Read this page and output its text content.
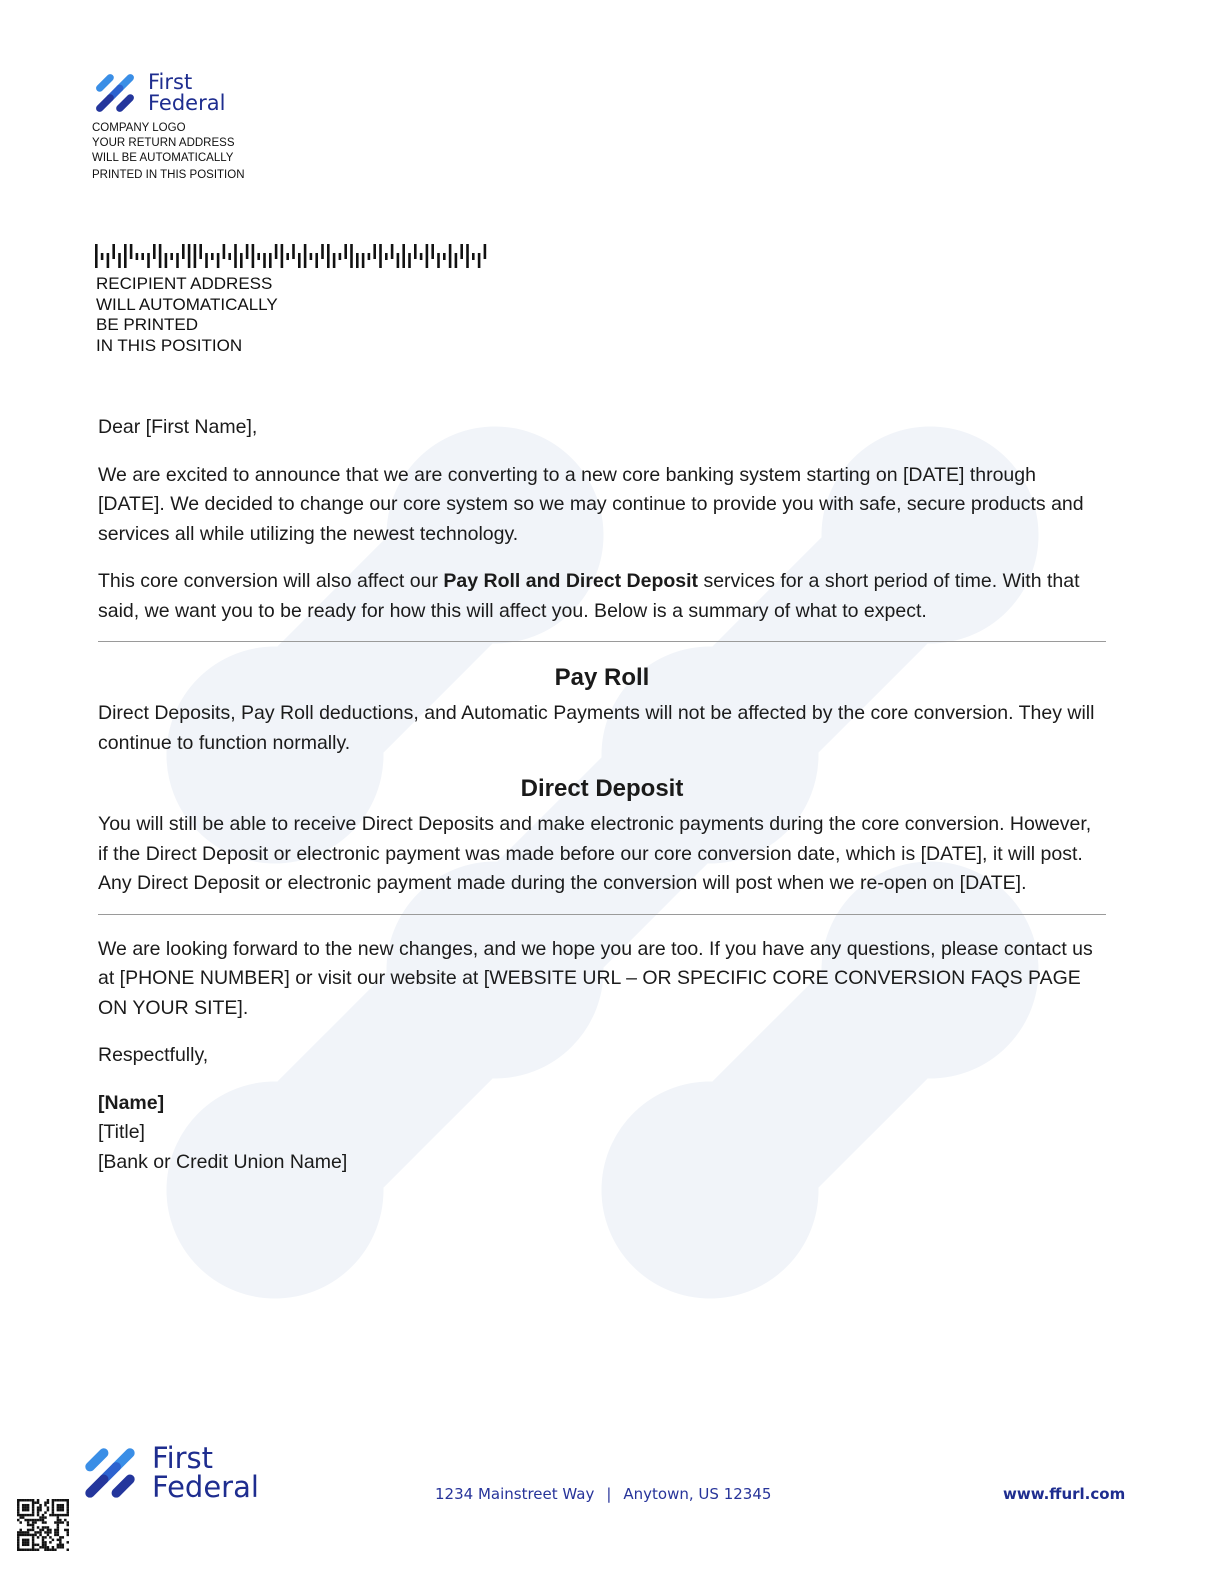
First
Federal
COMPANY LOGO
YOUR RETURN ADDRESS
WILL BE AUTOMATICALLY
PRINTED IN THIS POSITION
RECIPIENT ADDRESS
WILL AUTOMATICALLY
BE PRINTED
IN THIS POSITION

Dear [First Name],

We are excited to announce that we are converting to a new core banking system starting on [DATE] through [DATE]. We decided to change our core system so we may continue to provide you with safe, secure products and services all while utilizing the newest technology.

This core conversion will also affect our Pay Roll and Direct Deposit services for a short period of time. With that said, we want you to be ready for how this will affect you. Below is a summary of what to expect.

Pay Roll

Direct Deposits, Pay Roll deductions, and Automatic Payments will not be affected by the core conversion. They will continue to function normally.

Direct Deposit

You will still be able to receive Direct Deposits and make electronic payments during the core conversion. However, if the Direct Deposit or electronic payment was made before our core conversion date, which is [DATE], it will post. Any Direct Deposit or electronic payment made during the conversion will post when we re-open on [DATE].

We are looking forward to the new changes, and we hope you are too. If you have any questions, please contact us at [PHONE NUMBER] or visit our website at [WEBSITE URL – OR SPECIFIC CORE CONVERSION FAQS PAGE ON YOUR SITE].

Respectfully,

[Name]
[Title]
[Bank or Credit Union Name]
First
Federal	1234 Mainstreet Way | Anytown, US 12345	www.ffurl.com
